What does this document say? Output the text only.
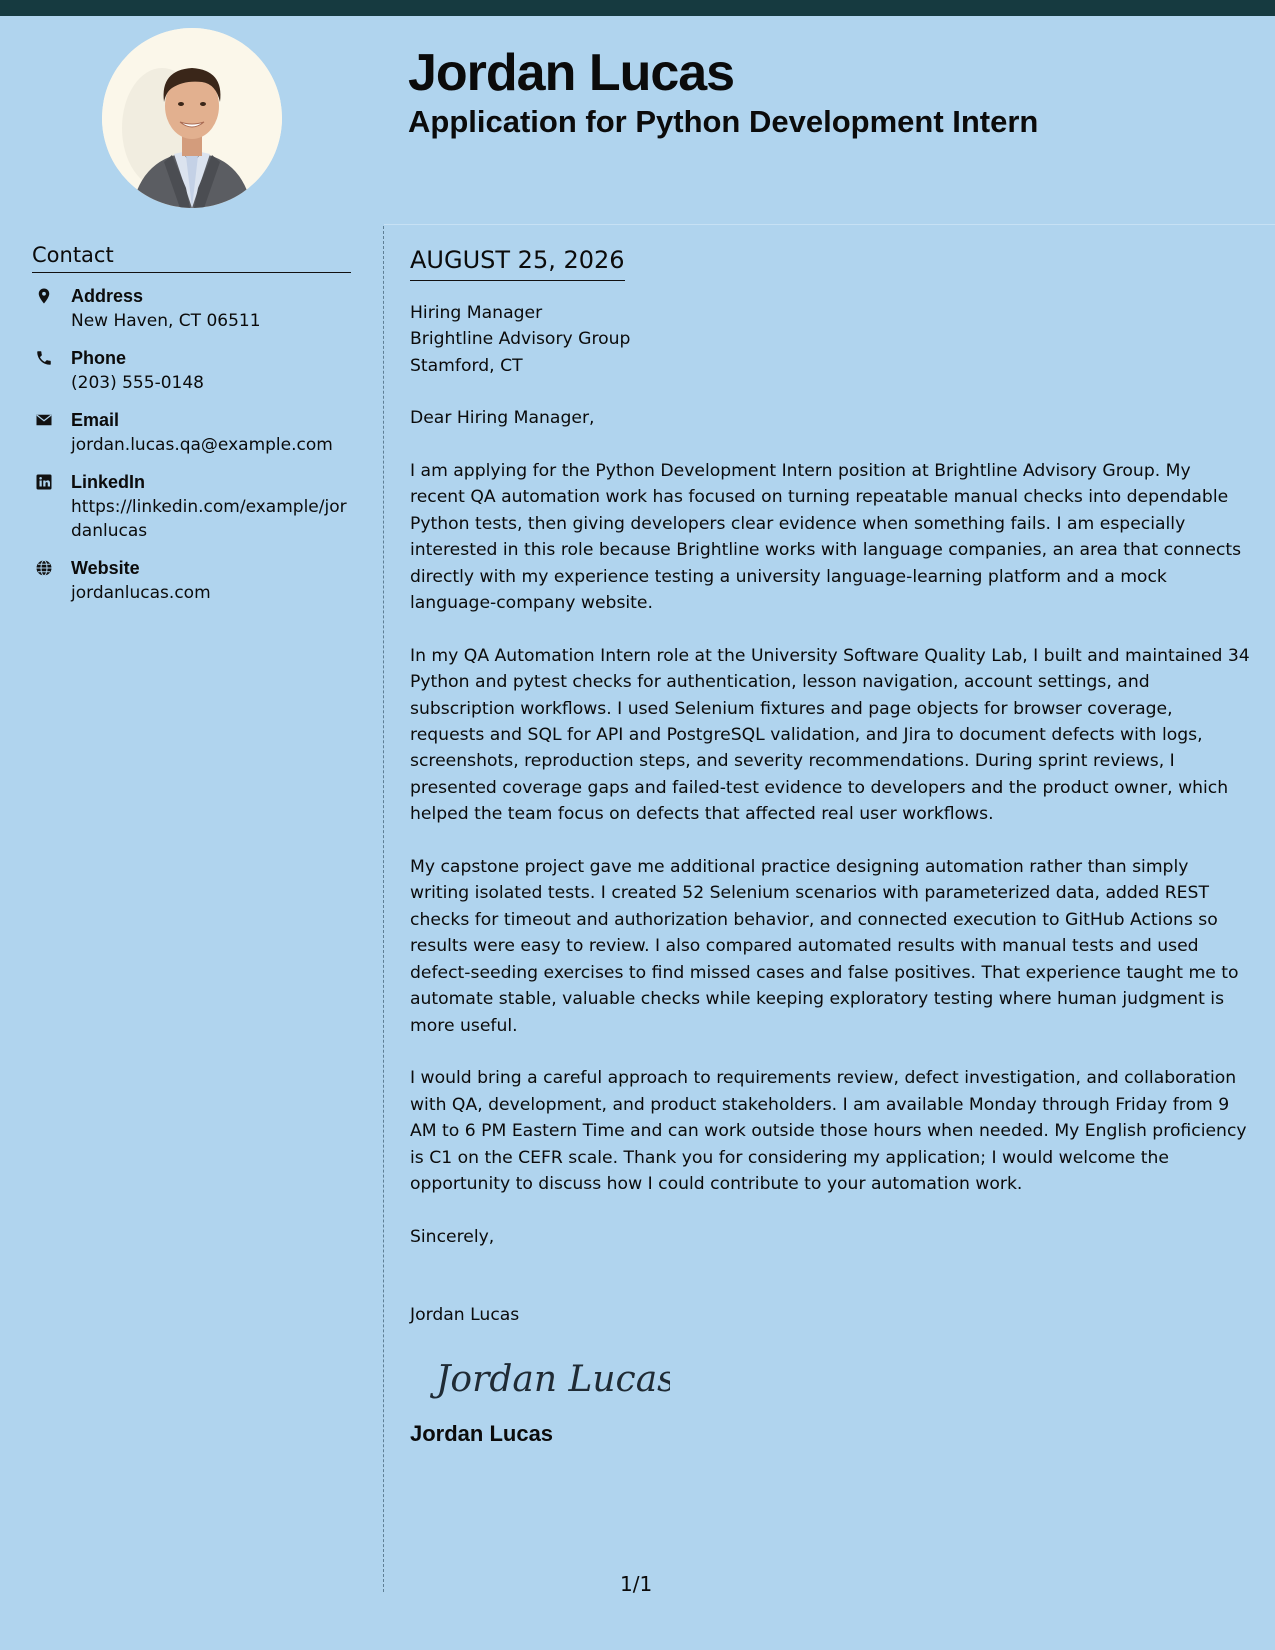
Jordan Lucas
Application for Python Development Intern
Contact
Address
New Haven, CT 06511
Phone
(203) 555-0148
Email
jordan.lucas.qa@example.com
LinkedIn
https://linkedin.com/example/jordanlucas
Website
jordanlucas.com
AUGUST 25, 2026
Hiring Manager
Brightline Advisory Group
Stamford, CT

Dear Hiring Manager,

I am applying for the Python Development Intern position at Brightline Advisory Group. My recent QA automation work has focused on turning repeatable manual checks into dependable Python tests, then giving developers clear evidence when something fails. I am especially interested in this role because Brightline works with language companies, an area that connects directly with my experience testing a university language-learning platform and a mock language-company website.

In my QA Automation Intern role at the University Software Quality Lab, I built and maintained 34 Python and pytest checks for authentication, lesson navigation, account settings, and subscription workflows. I used Selenium fixtures and page objects for browser coverage, requests and SQL for API and PostgreSQL validation, and Jira to document defects with logs, screenshots, reproduction steps, and severity recommendations. During sprint reviews, I presented coverage gaps and failed-test evidence to developers and the product owner, which helped the team focus on defects that affected real user workflows.

My capstone project gave me additional practice designing automation rather than simply writing isolated tests. I created 52 Selenium scenarios with parameterized data, added REST checks for timeout and authorization behavior, and connected execution to GitHub Actions so results were easy to review. I also compared automated results with manual tests and used defect-seeding exercises to find missed cases and false positives. That experience taught me to automate stable, valuable checks while keeping exploratory testing where human judgment is more useful.

I would bring a careful approach to requirements review, defect investigation, and collaboration with QA, development, and product stakeholders. I am available Monday through Friday from 9 AM to 6 PM Eastern Time and can work outside those hours when needed. My English proficiency is C1 on the CEFR scale. Thank you for considering my application; I would welcome the opportunity to discuss how I could contribute to your automation work.

Sincerely,
Jordan Lucas
Jordan Lucas
Jordan Lucas
1/1
